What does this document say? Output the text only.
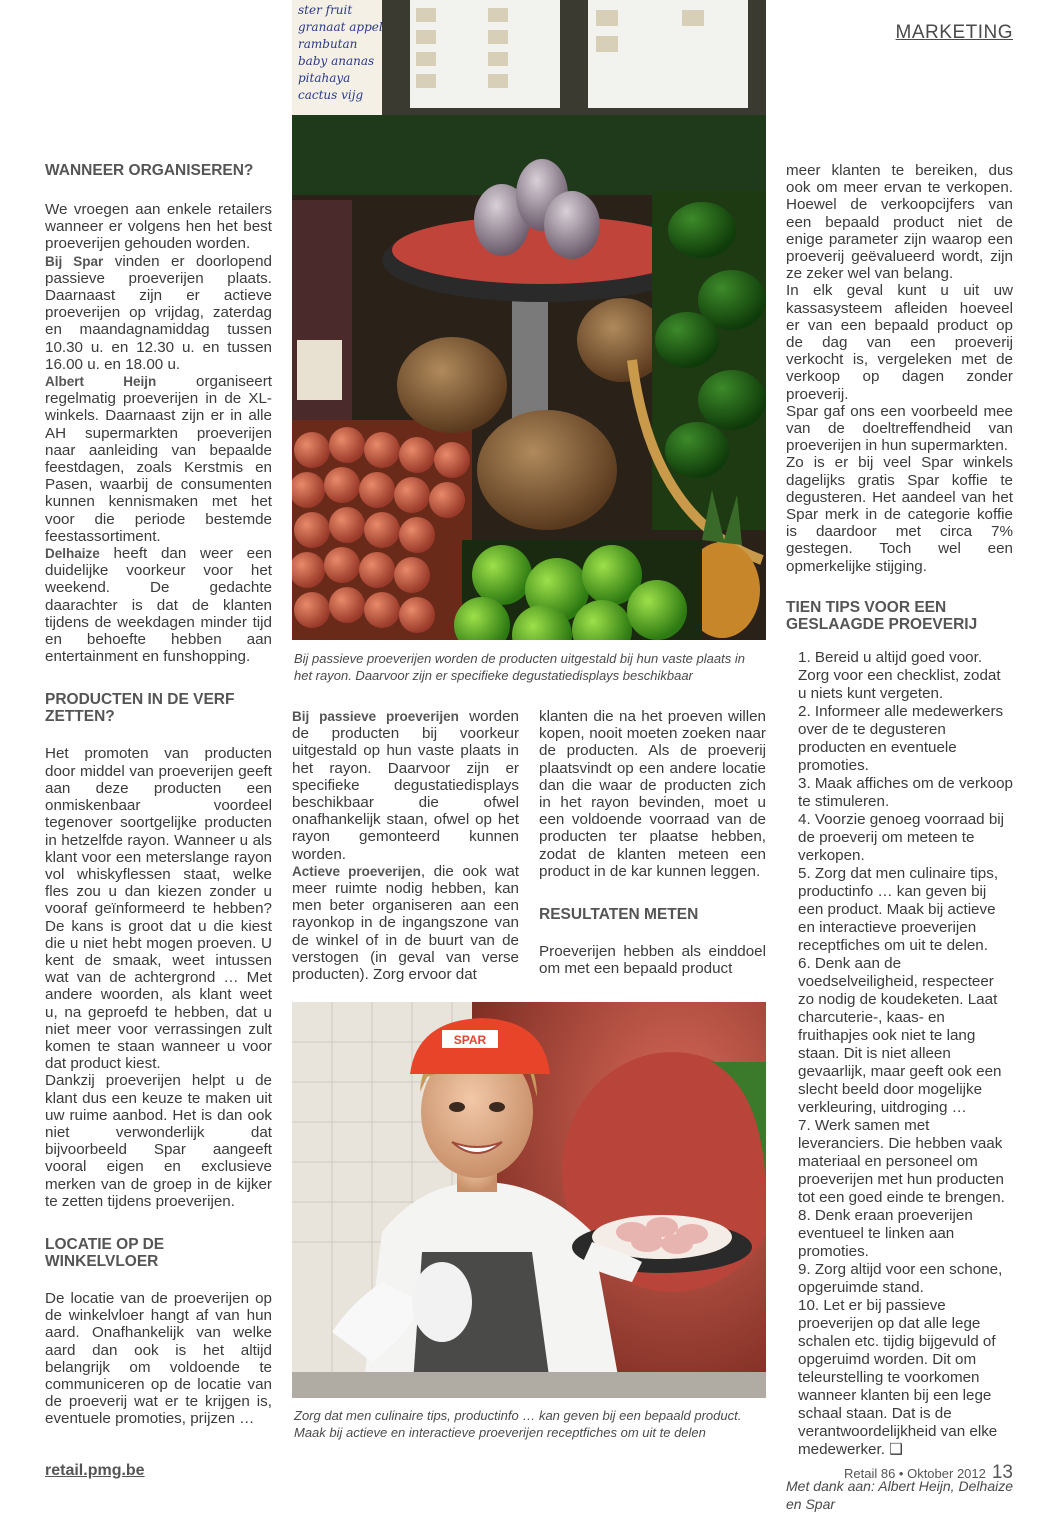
MARKETING
WANNEER ORGANISEREN?

We vroegen aan enkele retailers wanneer er volgens hen het best proeverijen gehouden worden.

Bij Spar vinden er doorlopend passieve proeverijen plaats. Daarnaast zijn er actieve proeverijen op vrijdag, zaterdag en maandagnamiddag tussen 10.30 u. en 12.30 u. en tussen 16.00 u. en 18.00 u.

Albert Heijn organiseert regelmatig proeverijen in de XL-winkels. Daarnaast zijn er in alle AH supermarkten proeverijen naar aanleiding van bepaalde feestdagen, zoals Kerstmis en Pasen, waarbij de consumenten kunnen kennismaken met het voor die periode bestemde feestassortiment.

Delhaize heeft dan weer een duidelijke voorkeur voor het weekend. De gedachte daarachter is dat de klanten tijdens de weekdagen minder tijd en behoefte hebben aan entertainment en funshopping.

PRODUCTEN IN DE VERF ZETTEN?

Het promoten van producten door middel van proeverijen geeft aan deze producten een onmiskenbaar voordeel tegenover soortgelijke producten in hetzelfde rayon. Wanneer u als klant voor een meterslange rayon vol whiskyflessen staat, welke fles zou u dan kiezen zonder u vooraf geïnformeerd te hebben? De kans is groot dat u die kiest die u niet hebt mogen proeven. U kent de smaak, weet intussen wat van de achtergrond … Met andere woorden, als klant weet u, na geproefd te hebben, dat u niet meer voor verrassingen zult komen te staan wanneer u voor dat product kiest.

Dankzij proeverijen helpt u de klant dus een keuze te maken uit uw ruime aanbod. Het is dan ook niet verwonderlijk dat bijvoorbeeld Spar aangeeft vooral eigen en exclusieve merken van de groep in de kijker te zetten tijdens proeverijen.

LOCATIE OP DE WINKELVLOER

De locatie van de proeverijen op de winkelvloer hangt af van hun aard. Onafhankelijk van welke aard dan ook is het altijd belangrijk om voldoende te communiceren op de locatie van de proeverij wat er te krijgen is, eventuele promoties, prijzen …

ster fruit
granaat appel
rambutan
baby ananas
pitahaya
cactus vijg
Bij passieve proeverijen worden de producten uitgestald bij hun vaste plaats in het rayon. Daarvoor zijn er specifieke degustatiedisplays beschikbaar

Bij passieve proeverijen worden de producten bij voorkeur uitgestald op hun vaste plaats in het rayon. Daarvoor zijn er specifieke degustatiedisplays beschikbaar die ofwel onafhankelijk staan, ofwel op het rayon gemonteerd kunnen worden.

Actieve proeverijen, die ook wat meer ruimte nodig hebben, kan men beter organiseren aan een rayonkop in de ingangszone van de winkel of in de buurt van de verstogen (in geval van verse producten). Zorg ervoor dat

klanten die na het proeven willen kopen, nooit moeten zoeken naar de producten. Als de proeverij plaatsvindt op een andere locatie dan die waar de producten zich in het rayon bevinden, moet u een voldoende voorraad van de producten ter plaatse hebben, zodat de klanten meteen een product in de kar kunnen leggen.

RESULTATEN METEN

Proeverijen hebben als einddoel om met een bepaald product

SPAR
Zorg dat men culinaire tips, productinfo … kan geven bij een bepaald product. Maak bij actieve en interactieve proeverijen receptfiches om uit te delen

meer klanten te bereiken, dus ook om meer ervan te verkopen. Hoewel de verkoopcijfers van een bepaald product niet de enige parameter zijn waarop een proeverij geëvalueerd wordt, zijn ze zeker wel van belang.

In elk geval kunt u uit uw kassasysteem afleiden hoeveel er van een bepaald product op de dag van een proeverij verkocht is, vergeleken met de verkoop op dagen zonder proeverij.

Spar gaf ons een voorbeeld mee van de doeltreffendheid van proeverijen in hun supermarkten.

Zo is er bij veel Spar winkels dagelijks gratis Spar koffie te degusteren. Het aandeel van het Spar merk in de categorie koffie is daardoor met circa 7% gestegen. Toch wel een opmerkelijke stijging.

TIEN TIPS VOOR EEN GESLAAGDE PROEVERIJ
1. Bereid u altijd goed voor. Zorg voor een checklist, zodat u niets kunt vergeten.
2. Informeer alle medewerkers over de te degusteren producten en eventuele promoties.
3. Maak affiches om de verkoop te stimuleren.
4. Voorzie genoeg voorraad bij de proeverij om meteen te verkopen.
5. Zorg dat men culinaire tips, productinfo … kan geven bij een product. Maak bij actieve en interactieve proeverijen receptfiches om uit te delen.
6. Denk aan de voedselveiligheid, respecteer zo nodig de koudeketen. Laat charcuterie-, kaas- en fruithapjes ook niet te lang staan. Dit is niet alleen gevaarlijk, maar geeft ook een slecht beeld door mogelijke verkleuring, uitdroging …
7. Werk samen met leveranciers. Die hebben vaak materiaal en personeel om proeverijen met hun producten tot een goed einde te brengen.
8. Denk eraan proeverijen eventueel te linken aan promoties.
9. Zorg altijd voor een schone, opgeruimde stand.
10. Let er bij passieve proeverijen op dat alle lege schalen etc. tijdig bijgevuld of opgeruimd worden. Dit om teleurstelling te voorkomen wanneer klanten bij een lege schaal staan. Dat is de verantwoordelijkheid van elke medewerker. ❑

Met dank aan: Albert Heijn, Delhaize en Spar

retail.pmg.be	Retail 86 • Oktober 2012 13
